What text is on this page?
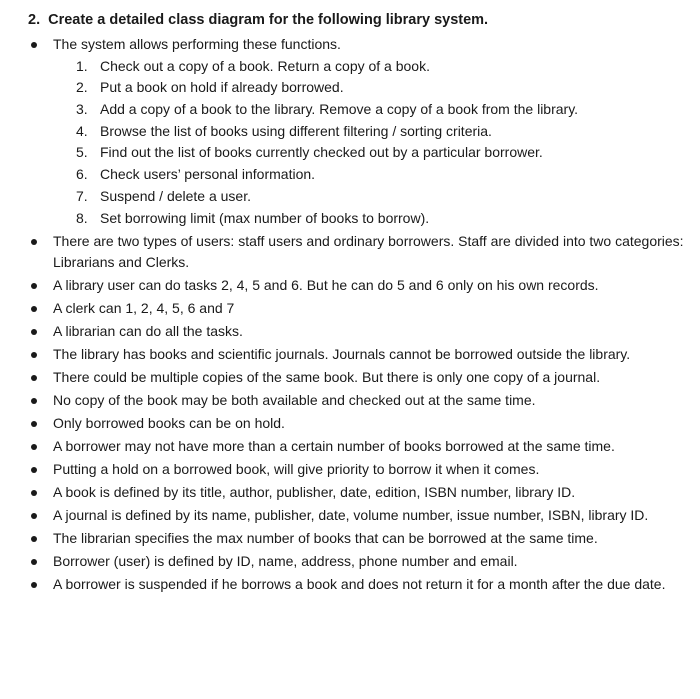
2. Create a detailed class diagram for the following library system.
The system allows performing these functions.
1. Check out a copy of a book. Return a copy of a book.
2. Put a book on hold if already borrowed.
3. Add a copy of a book to the library. Remove a copy of a book from the library.
4. Browse the list of books using different filtering / sorting criteria.
5. Find out the list of books currently checked out by a particular borrower.
6. Check users’ personal information.
7. Suspend / delete a user.
8. Set borrowing limit (max number of books to borrow).
There are two types of users: staff users and ordinary borrowers. Staff are divided into two categories: Librarians and Clerks.
A library user can do tasks 2, 4, 5 and 6. But he can do 5 and 6 only on his own records.
A clerk can 1, 2, 4, 5, 6 and 7
A librarian can do all the tasks.
The library has books and scientific journals. Journals cannot be borrowed outside the library.
There could be multiple copies of the same book. But there is only one copy of a journal.
No copy of the book may be both available and checked out at the same time.
Only borrowed books can be on hold.
A borrower may not have more than a certain number of books borrowed at the same time.
Putting a hold on a borrowed book, will give priority to borrow it when it comes.
A book is defined by its title, author, publisher, date, edition, ISBN number, library ID.
A journal is defined by its name, publisher, date, volume number, issue number, ISBN, library ID.
The librarian specifies the max number of books that can be borrowed at the same time.
Borrower (user) is defined by ID, name, address, phone number and email.
A borrower is suspended if he borrows a book and does not return it for a month after the due date.
